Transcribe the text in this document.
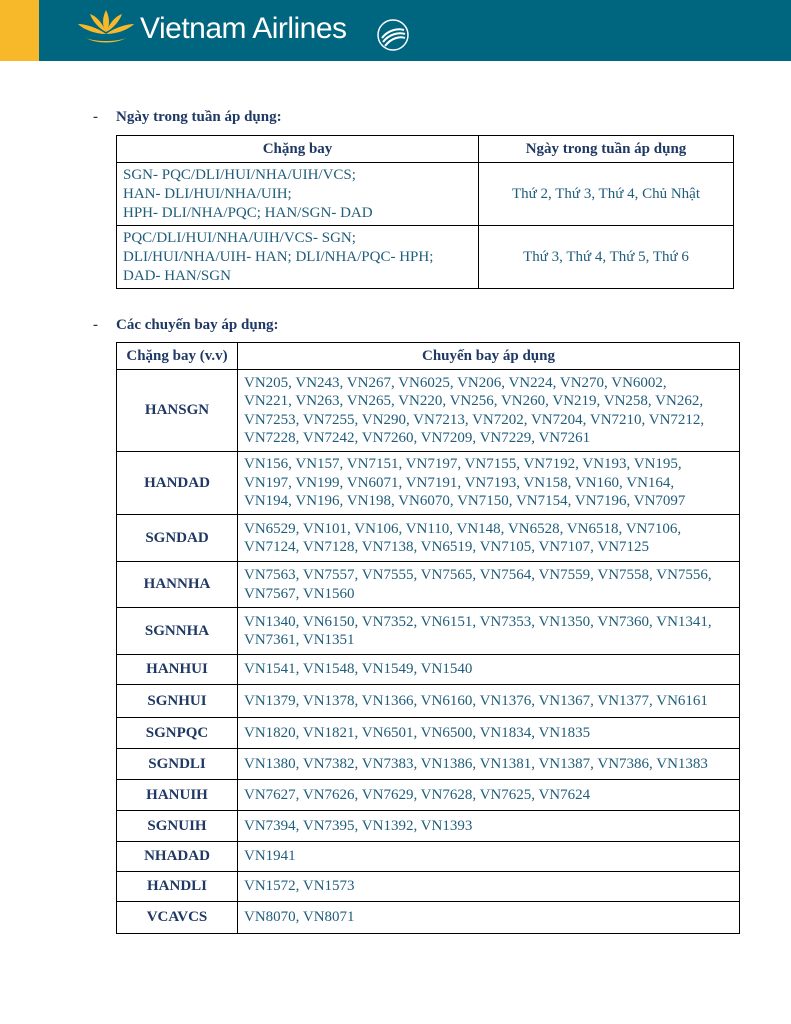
Vietnam Airlines
- Ngày trong tuần áp dụng:
Chặng bay	Ngày trong tuần áp dụng

SGN- PQC/DLI/HUI/NHA/UIH/VCS;
HAN- DLI/HUI/NHA/UIH;
HPH- DLI/NHA/PQC; HAN/SGN- DAD	Thứ 2, Thứ 3, Thứ 4, Chủ Nhật

PQC/DLI/HUI/NHA/UIH/VCS- SGN;
DLI/HUI/NHA/UIH- HAN; DLI/NHA/PQC- HPH;
DAD- HAN/SGN	Thứ 3, Thứ 4, Thứ 5, Thứ 6
- Các chuyến bay áp dụng:
Chặng bay (v.v)	Chuyến bay áp dụng
HANSGN	VN205, VN243, VN267, VN6025, VN206, VN224, VN270, VN6002,
VN221, VN263, VN265, VN220, VN256, VN260, VN219, VN258, VN262,
VN7253, VN7255, VN290, VN7213, VN7202, VN7204, VN7210, VN7212,
VN7228, VN7242, VN7260, VN7209, VN7229, VN7261

HANDAD	VN156, VN157, VN7151, VN7197, VN7155, VN7192, VN193, VN195,
VN197, VN199, VN6071, VN7191, VN7193, VN158, VN160, VN164,
VN194, VN196, VN198, VN6070, VN7150, VN7154, VN7196, VN7097

SGNDAD	VN6529, VN101, VN106, VN110, VN148, VN6528, VN6518, VN7106,
VN7124, VN7128, VN7138, VN6519, VN7105, VN7107, VN7125

HANNHA	VN7563, VN7557, VN7555, VN7565, VN7564, VN7559, VN7558, VN7556,
VN7567, VN1560

SGNNHA	VN1340, VN6150, VN7352, VN6151, VN7353, VN1350, VN7360, VN1341,
VN7361, VN1351

HANHUI	VN1541, VN1548, VN1549, VN1540
SGNHUI	VN1379, VN1378, VN1366, VN6160, VN1376, VN1367, VN1377, VN6161
SGNPQC	VN1820, VN1821, VN6501, VN6500, VN1834, VN1835
SGNDLI	VN1380, VN7382, VN7383, VN1386, VN1381, VN1387, VN7386, VN1383
HANUIH	VN7627, VN7626, VN7629, VN7628, VN7625, VN7624
SGNUIH	VN7394, VN7395, VN1392, VN1393
NHADAD	VN1941
HANDLI	VN1572, VN1573
VCAVCS	VN8070, VN8071
